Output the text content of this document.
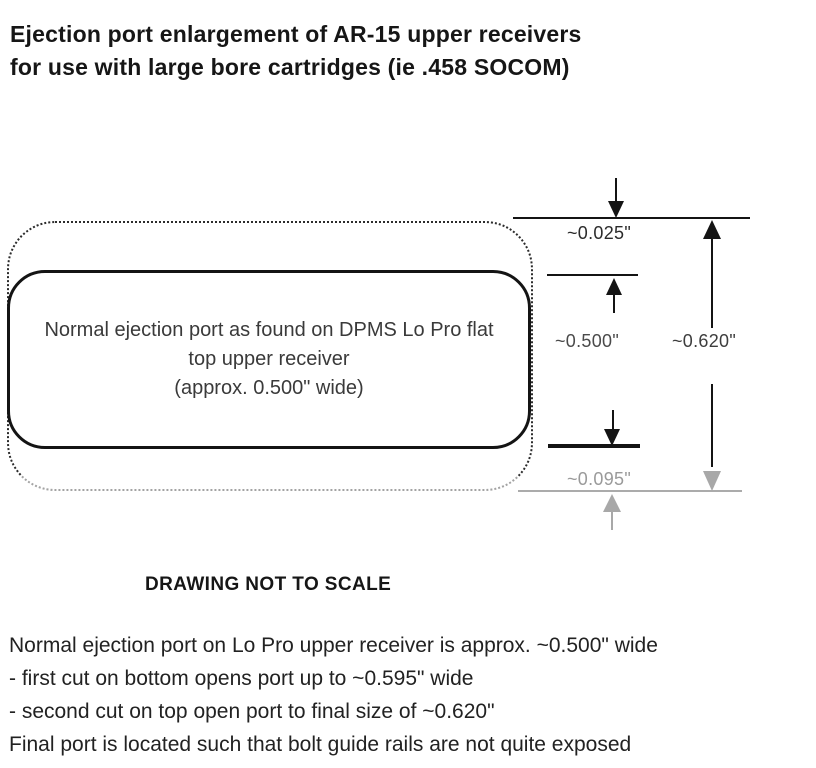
Ejection port enlargement of AR-15 upper receivers
for use with large bore cartridges (ie .458 SOCOM)
Normal ejection port as found on DPMS Lo Pro flat
top upper receiver
(approx. 0.500" wide)
~0.025"
~0.500"	~0.620"
~0.095"
DRAWING NOT TO SCALE
Normal ejection port on Lo Pro upper receiver is approx. ~0.500" wide
- first cut on bottom opens port up to ~0.595" wide
- second cut on top open port to final size of ~0.620"
Final port is located such that bolt guide rails are not quite exposed
